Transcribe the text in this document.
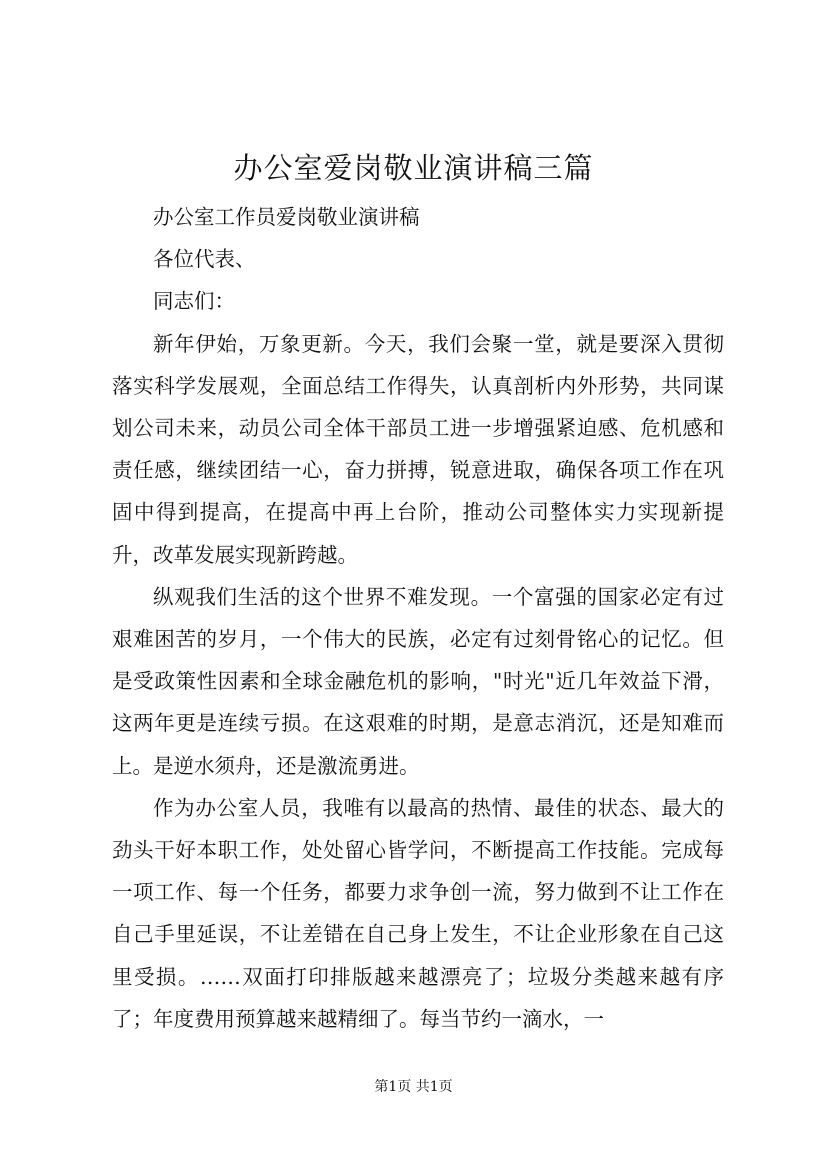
办公室爱岗敬业演讲稿三篇

办公室工作员爱岗敬业演讲稿

各位代表、

同志们：

新年伊始，万象更新。今天，我们会聚一堂，就是要深入贯彻落实科学发展观，全面总结工作得失，认真剖析内外形势，共同谋划公司未来，动员公司全体干部员工进一步增强紧迫感、危机感和责任感，继续团结一心，奋力拼搏，锐意进取，确保各项工作在巩固中得到提高，在提高中再上台阶，推动公司整体实力实现新提升，改革发展实现新跨越。

纵观我们生活的这个世界不难发现。一个富强的国家必定有过艰难困苦的岁月，一个伟大的民族，必定有过刻骨铭心的记忆。但是受政策性因素和全球金融危机的影响，"时光"近几年效益下滑，这两年更是连续亏损。在这艰难的时期，是意志消沉，还是知难而上。是逆水须舟，还是激流勇进。

作为办公室人员，我唯有以最高的热情、最佳的状态、最大的劲头干好本职工作，处处留心皆学问，不断提高工作技能。完成每一项工作、每一个任务，都要力求争创一流，努力做到不让工作在自己手里延误，不让差错在自己身上发生，不让企业形象在自己这里受损。……双面打印排版越来越漂亮了；垃圾分类越来越有序了；年度费用预算越来越精细了。每当节约一滴水，一

第1页 共1页
